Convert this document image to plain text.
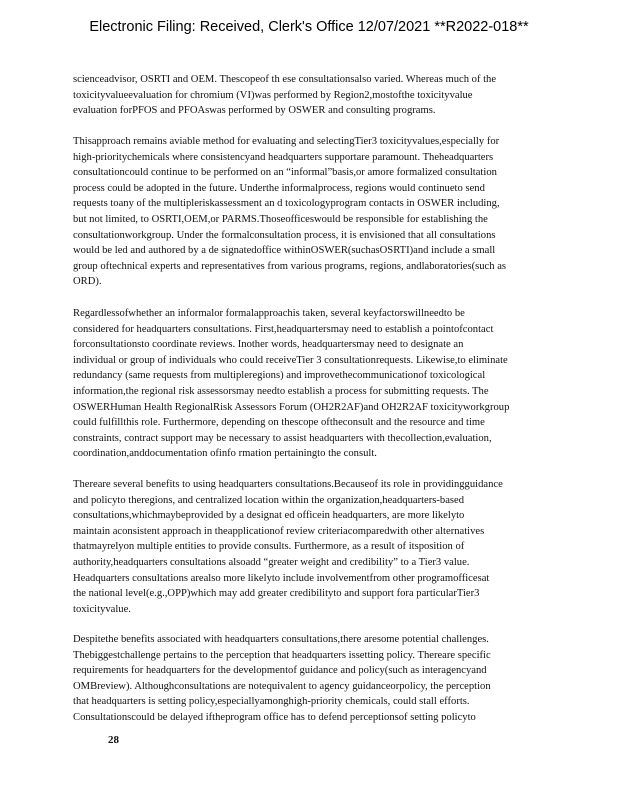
Electronic Filing: Received, Clerk's Office 12/07/2021 **R2022-018**
scienceadvisor, OSRTI and OEM. Thescopeof th ese consultationsalso varied. Whereas much of the
toxicityvalueevaluation for chromium (VI)was performed by Region2,mostofthe toxicityvalue
evaluation forPFOS and PFOAswas performed by OSWER and consulting programs.
Thisapproach remains aviable method for evaluating and selectingTier3 toxicityvalues,especially for
high-prioritychemicals where consistencyand headquarters supportare paramount. Theheadquarters
consultationcould continue to be performed on an “informal”basis,or amore formalized consultation
process could be adopted in the future. Underthe informalprocess, regions would continueto send
requests toany of the multipleriskassessment an d toxicologyprogram contacts in OSWER including,
but not limited, to OSRTI,OEM,or PARMS.Thoseofficeswould be responsible for establishing the
consultationworkgroup. Under the formalconsultation process, it is envisioned that all consultations
would be led and authored by a de signatedoffice withinOSWER(suchasOSRTI)and include a small
group oftechnical experts and representatives from various programs, regions, andlaboratories(such as
ORD).
Regardlessofwhether an informalor formalapproachis taken, several keyfactorswillneedto be
considered for headquarters consultations. First,headquartersmay need to establish a pointofcontact
forconsultationsto coordinate reviews. Inother words, headquartersmay need to designate an
individual or group of individuals who could receiveTier 3 consultationrequests. Likewise,to eliminate
redundancy (same requests from multipleregions) and improvethecommunicationof toxicological
information,the regional risk assessorsmay needto establish a process for submitting requests. The
OSWERHuman Health RegionalRisk Assessors Forum (OH2R2AF)and OH2R2AF toxicityworkgroup
could fulfillthis role. Furthermore, depending on thescope oftheconsult and the resource and time
constraints, contract support may be necessary to assist headquarters with thecollection,evaluation,
coordination,anddocumentation ofinfo rmation pertainingto the consult.
Thereare several benefits to using headquarters consultations.Becauseof its role in providingguidance
and policyto theregions, and centralized location within the organization,headquarters-based
consultations,whichmaybeprovided by a designat ed officein headquarters, are more likelyto
maintain aconsistent approach in theapplicationof review criteriacomparedwith other alternatives
thatmayrelyon multiple entities to provide consults. Furthermore, as a result of itsposition of
authority,headquarters consultations alsoadd “greater weight and credibility” to a Tier3 value.
Headquarters consultations arealso more likelyto include involvementfrom other programofficesat
the national level(e.g.,OPP)which may add greater credibilityto and support fora particularTier3
toxicityvalue.
Despitethe benefits associated with headquarters consultations,there aresome potential challenges.
Thebiggestchallenge pertains to the perception that headquarters issetting policy. Thereare specific
requirements for headquarters for the developmentof guidance and policy(such as interagencyand
OMBreview). Althoughconsultations are notequivalent to agency guidanceorpolicy, the perception
that headquarters is setting policy,especiallyamonghigh-priority chemicals, could stall efforts.
Consultationscould be delayed iftheprogram office has to defend perceptionsof setting policyto
28
